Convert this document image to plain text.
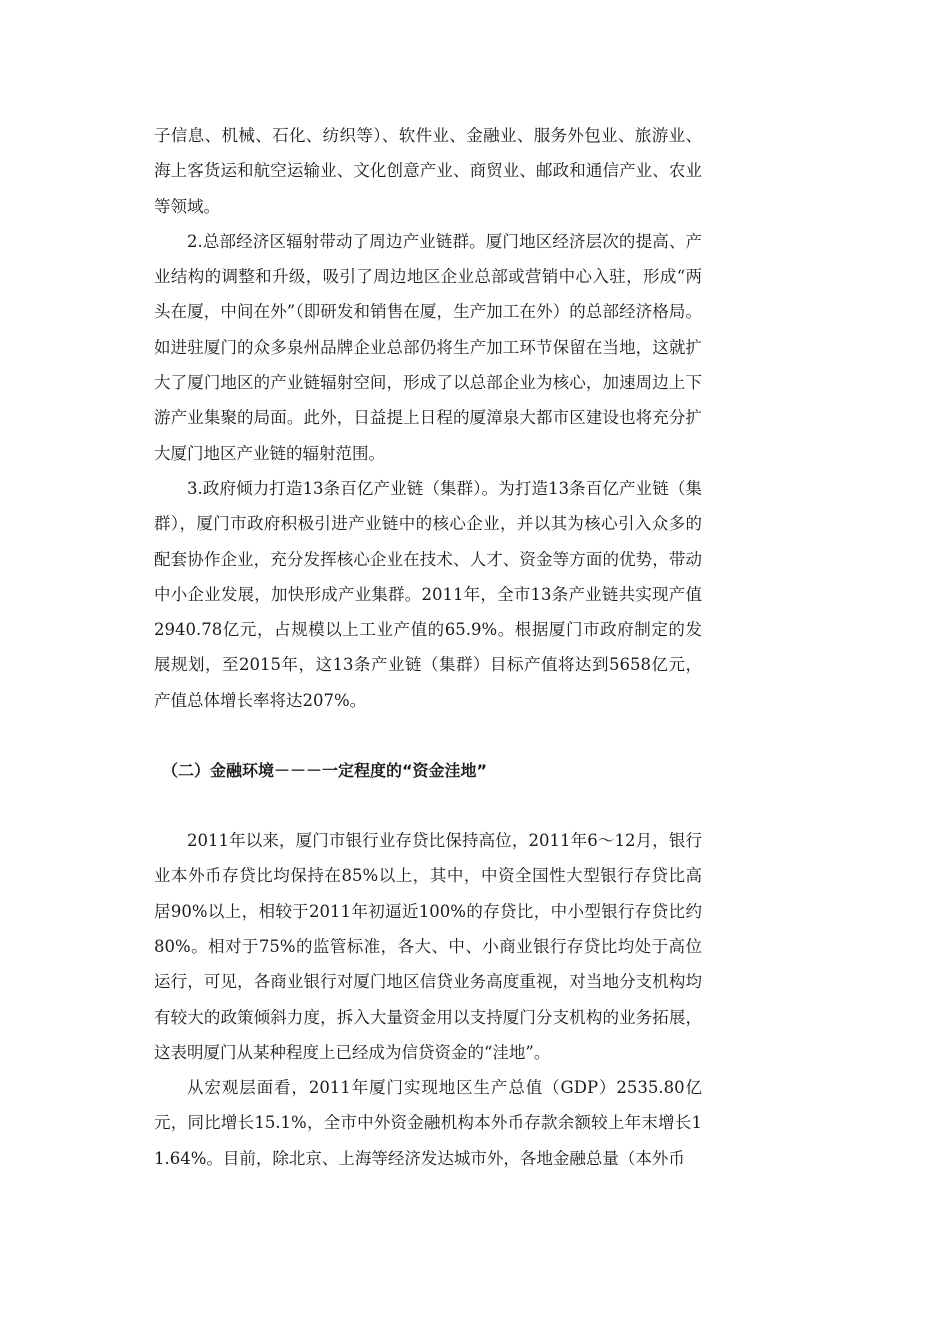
子信息、机械、石化、纺织等）、软件业、金融业、服务外包业、旅游业、海上客货运和航空运输业、文化创意产业、商贸业、邮政和通信产业、农业等领域。

2.总部经济区辐射带动了周边产业链群。厦门地区经济层次的提高、产业结构的调整和升级，吸引了周边地区企业总部或营销中心入驻，形成“两头在厦，中间在外”（即研发和销售在厦，生产加工在外）的总部经济格局。如进驻厦门的众多泉州品牌企业总部仍将生产加工环节保留在当地，这就扩大了厦门地区的产业链辐射空间，形成了以总部企业为核心，加速周边上下游产业集聚的局面。此外，日益提上日程的厦漳泉大都市区建设也将充分扩大厦门地区产业链的辐射范围。

3.政府倾力打造13条百亿产业链（集群）。为打造13条百亿产业链（集群），厦门市政府积极引进产业链中的核心企业，并以其为核心引入众多的配套协作企业，充分发挥核心企业在技术、人才、资金等方面的优势，带动中小企业发展，加快形成产业集群。2011年，全市13条产业链共实现产值2940.78亿元，占规模以上工业产值的65.9%。根据厦门市政府制定的发展规划，至2015年，这13条产业链（集群）目标产值将达到5658亿元，产值总体增长率将达207%。

（二）金融环境－－－一定程度的“资金洼地”

2011年以来，厦门市银行业存贷比保持高位，2011年6～12月，银行业本外币存贷比均保持在85%以上，其中，中资全国性大型银行存贷比高居90%以上，相较于2011年初逼近100%的存贷比，中小型银行存贷比约80%。相对于75%的监管标准，各大、中、小商业银行存贷比均处于高位运行，可见，各商业银行对厦门地区信贷业务高度重视，对当地分支机构均有较大的政策倾斜力度，拆入大量资金用以支持厦门分支机构的业务拓展，这表明厦门从某种程度上已经成为信贷资金的“洼地”。

从宏观层面看，2011年厦门实现地区生产总值（GDP）2535.80亿元，同比增长15.1%，全市中外资金融机构本外币存款余额较上年末增长11.64%。目前，除北京、上海等经济发达城市外，各地金融总量（本外币
